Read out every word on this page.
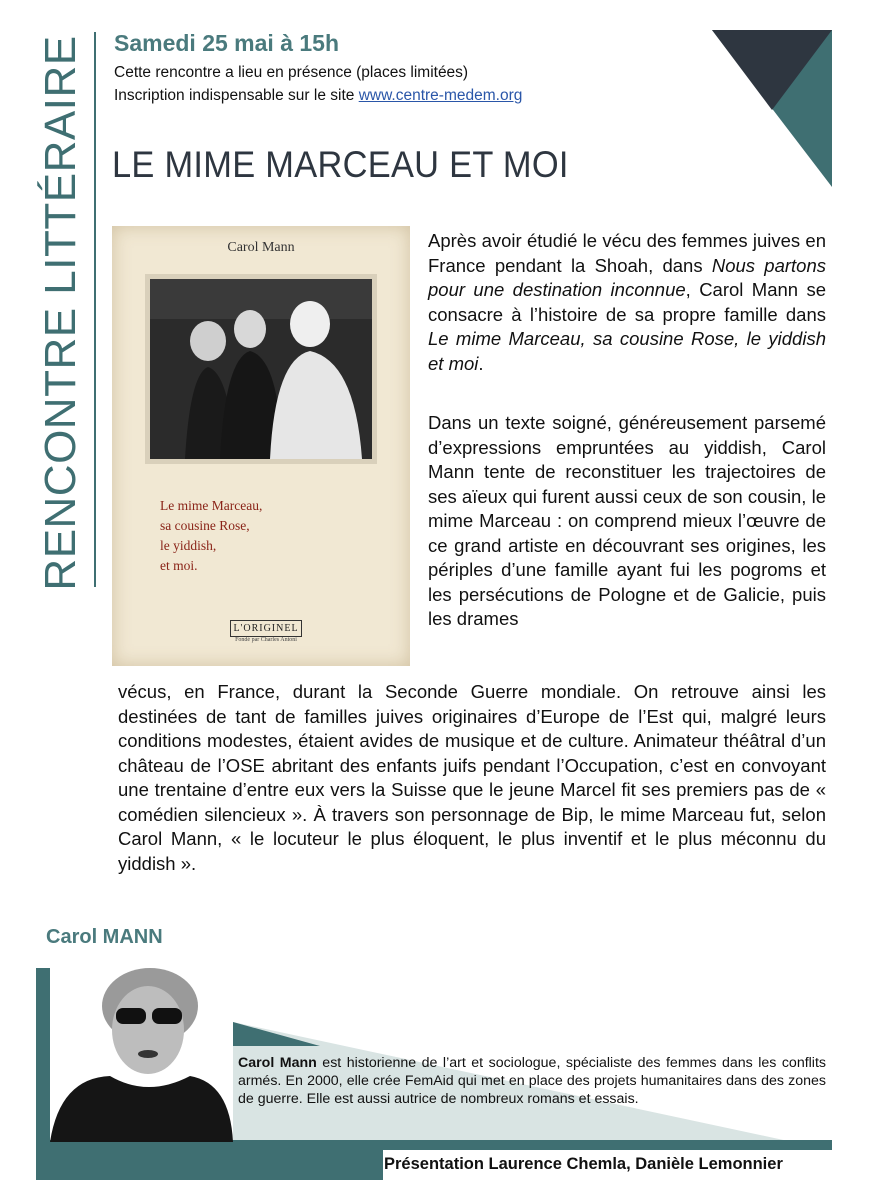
RENCONTRE LITTÉRAIRE Samedi 25 mai à 15h
Cette rencontre a lieu en présence (places limitées)
Inscription indispensable sur le site www.centre-medem.org
LE MIME MARCEAU ET MOI
Carol Mann
Le mime Marceau,
sa cousine Rose,
le yiddish,
et moi.
L'ORIGINEL
Fondé par Charles Antoni
Après avoir étudié le vécu des femmes juives en France pendant la Shoah, dans Nous partons pour une destination inconnue, Carol Mann se consacre à l’histoire de sa propre famille dans Le mime Marceau, sa cousine Rose, le yiddish et moi.
Dans un texte soigné, généreusement parsemé d’expressions empruntées au yiddish, Carol Mann tente de reconstituer les trajectoires de ses aïeux qui furent aussi ceux de son cousin, le mime Marceau : on comprend mieux l’œuvre de ce grand artiste en découvrant ses origines, les périples d’une famille ayant fui les pogroms et les persécutions de Pologne et de Galicie, puis les drames
vécus, en France, durant la Seconde Guerre mondiale. On retrouve ainsi les destinées de tant de familles juives originaires d’Europe de l’Est qui, malgré leurs conditions modestes, étaient avides de musique et de culture. Animateur théâtral d’un château de l’OSE abritant des enfants juifs pendant l’Occupation, c’est en convoyant une trentaine d’entre eux vers la Suisse que le jeune Marcel fit ses premiers pas de « comédien silencieux ». À travers son personnage de Bip, le mime Marceau fut, selon Carol Mann, « le locuteur le plus éloquent, le plus inventif et le plus méconnu du yiddish ».
Carol MANN
Carol Mann est historienne de l’art et sociologue, spécialiste des femmes dans les conflits armés. En 2000, elle crée FemAid qui met en place des projets humanitaires dans des zones de guerre. Elle est aussi autrice de nombreux romans et essais.
Présentation Laurence Chemla, Danièle Lemonnier
